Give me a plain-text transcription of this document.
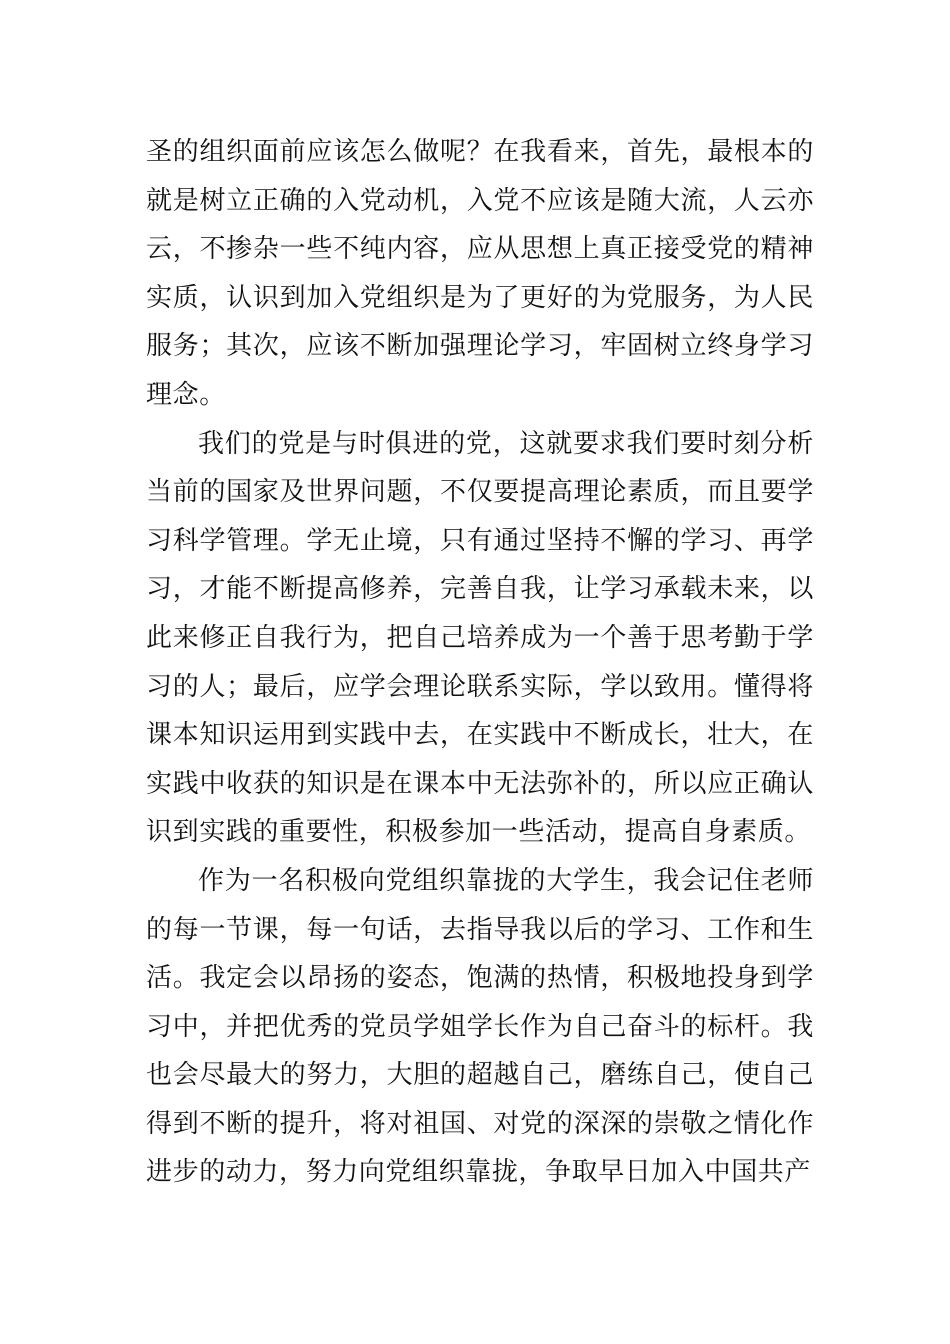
圣的组织面前应该怎么做呢？在我看来，首先，最根本的就是树立正确的入党动机，入党不应该是随大流，人云亦云，不掺杂一些不纯内容，应从思想上真正接受党的精神实质，认识到加入党组织是为了更好的为党服务，为人民服务；其次，应该不断加强理论学习，牢固树立终身学习理念。

我们的党是与时俱进的党，这就要求我们要时刻分析当前的国家及世界问题，不仅要提高理论素质，而且要学习科学管理。学无止境，只有通过坚持不懈的学习、再学习，才能不断提高修养，完善自我，让学习承载未来，以此来修正自我行为，把自己培养成为一个善于思考勤于学习的人；最后，应学会理论联系实际，学以致用。懂得将课本知识运用到实践中去，在实践中不断成长，壮大，在实践中收获的知识是在课本中无法弥补的，所以应正确认识到实践的重要性，积极参加一些活动，提高自身素质。

作为一名积极向党组织靠拢的大学生，我会记住老师的每一节课，每一句话，去指导我以后的学习、工作和生活。我定会以昂扬的姿态，饱满的热情，积极地投身到学习中，并把优秀的党员学姐学长作为自己奋斗的标杆。我也会尽最大的努力，大胆的超越自己，磨练自己，使自己得到不断的提升，将对祖国、对党的深深的崇敬之情化作进步的动力，努力向党组织靠拢，争取早日加入中国共产
